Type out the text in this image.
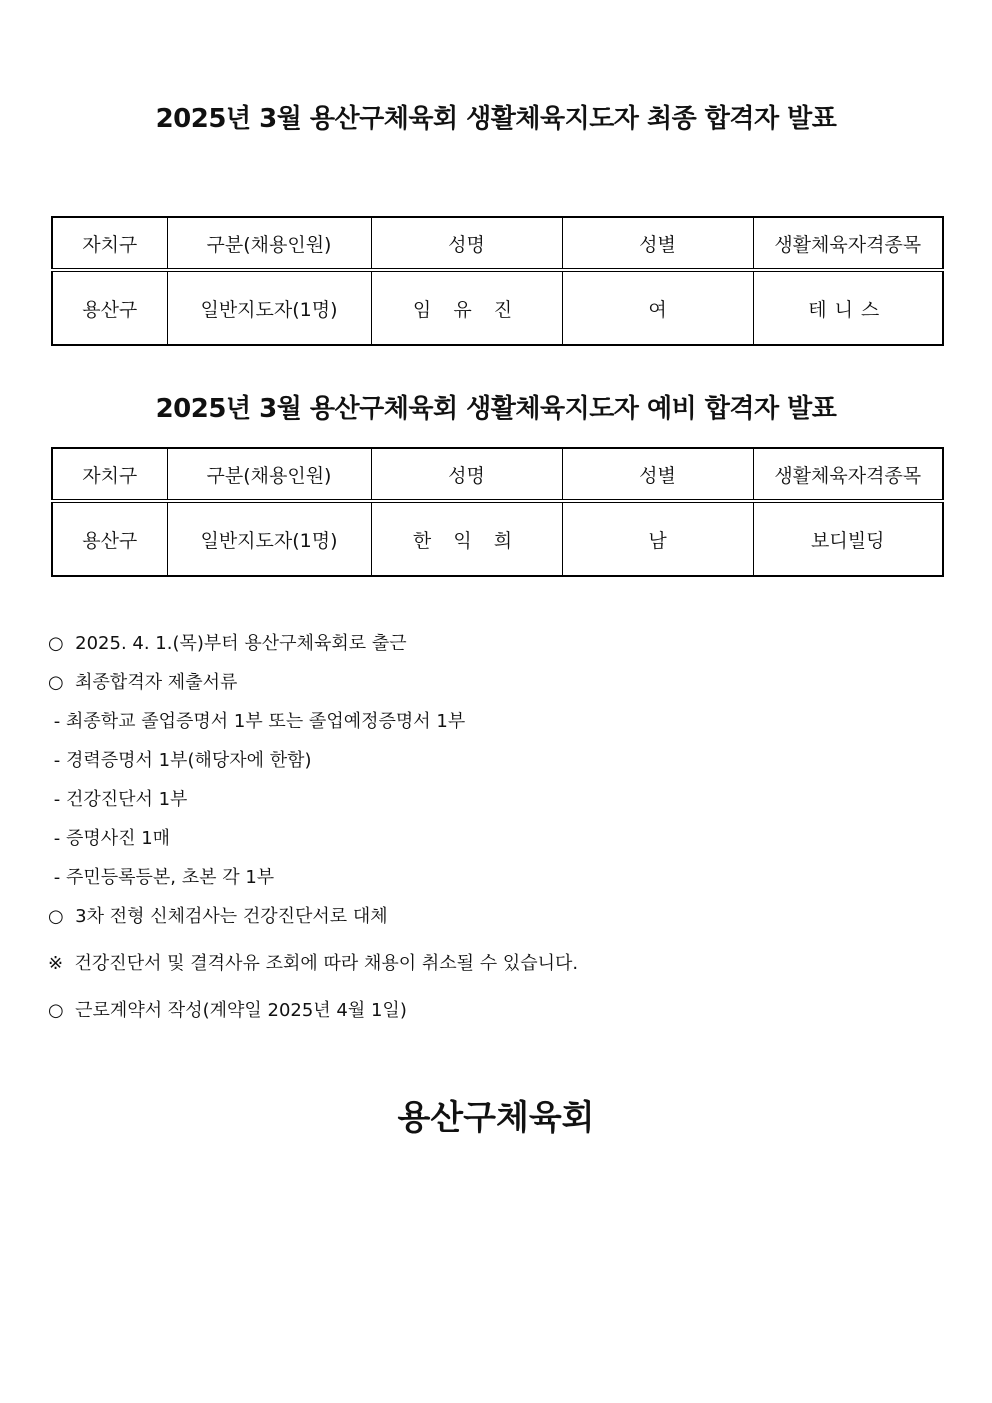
2025년 3월 용산구체육회 생활체육지도자 최종 합격자 발표
자치구	구분(채용인원)	성명	성별	생활체육자격종목
용산구	일반지도자(1명)	임 유 진	여	테니스
2025년 3월 용산구체육회 생활체육지도자 예비 합격자 발표
자치구	구분(채용인원)	성명	성별	생활체육자격종목
용산구	일반지도자(1명)	한 익 희	남	보디빌딩
○  2025. 4. 1.(목)부터 용산구체육회로 출근
○  최종합격자 제출서류
- 최종학교 졸업증명서 1부 또는 졸업예정증명서 1부
- 경력증명서 1부(해당자에 한함)
- 건강진단서 1부
- 증명사진 1매
- 주민등록등본, 초본 각 1부
○  3차 전형 신체검사는 건강진단서로 대체
※  건강진단서 및 결격사유 조회에 따라 채용이 취소될 수 있습니다.
○  근로계약서 작성(계약일 2025년 4월 1일)
용산구체육회
